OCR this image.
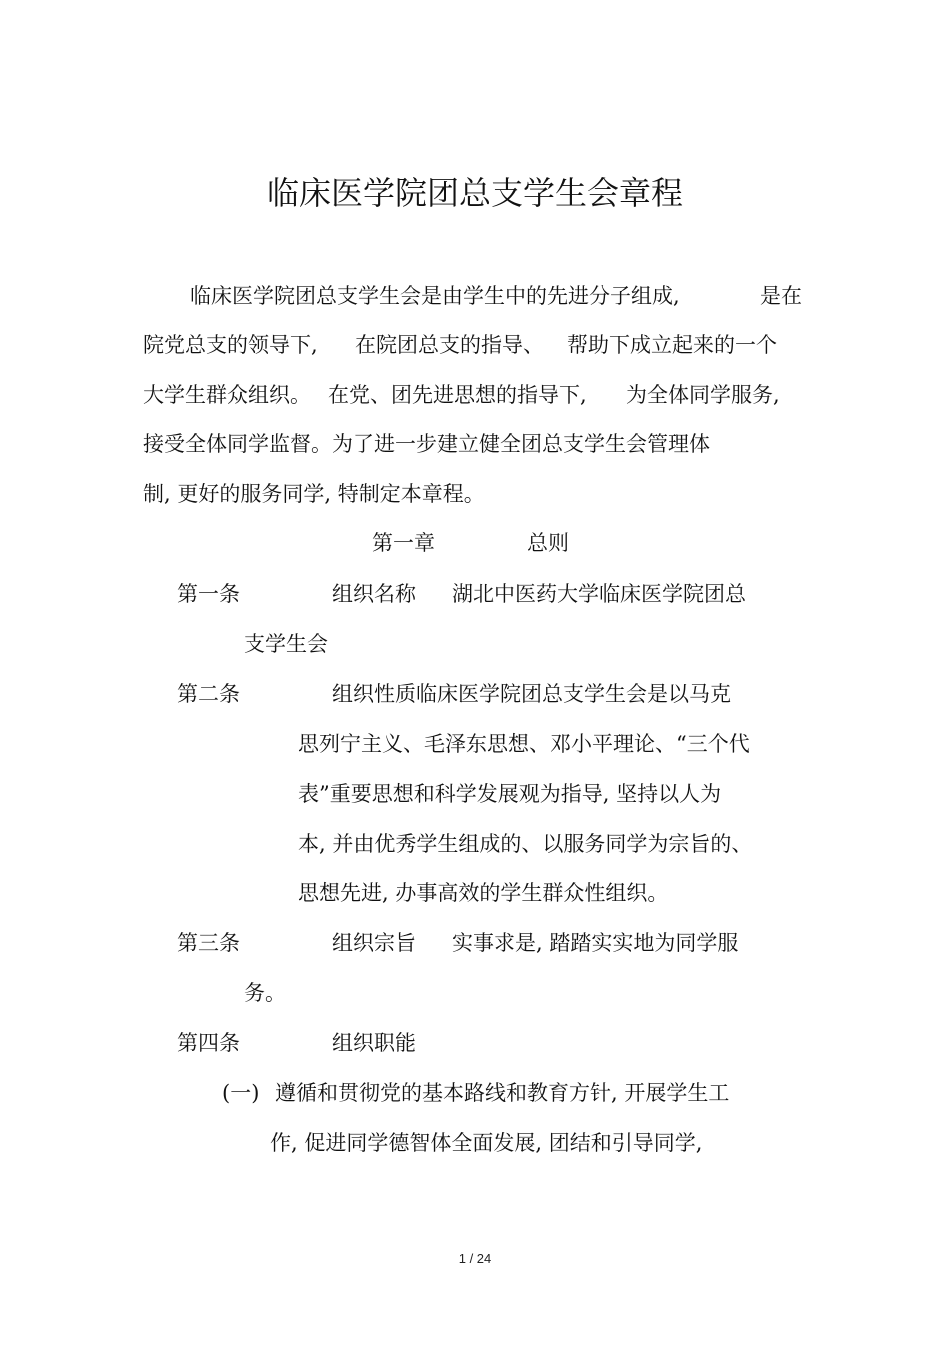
临床医学院团总支学生会章程
临床医学院团总支学生会是由学生中的先进分子组成,	是在
院党总支的领导下, 在院团总支的指导、 帮助下成立起来的一个
大学生群众组织。 在党、团先进思想的指导下, 为全体同学服务,
接受全体同学监督。为了进一步建立健全团总支学生会管理体
制, 更好的服务同学, 特制定本章程。
第一章	总则
第一条	组织名称 湖北中医药大学临床医学院团总
支学生会
第二条	组织性质临床医学院团总支学生会是以马克
思列宁主义、毛泽东思想、邓小平理论、“三个代
表”重要思想和科学发展观为指导, 坚持以人为
本, 并由优秀学生组成的、以服务同学为宗旨的、
思想先进, 办事高效的学生群众性组织。
第三条	组织宗旨 实事求是, 踏踏实实地为同学服
务。
第四条	组织职能
(一) 遵循和贯彻党的基本路线和教育方针, 开展学生工
作, 促进同学德智体全面发展, 团结和引导同学,
1 / 24
